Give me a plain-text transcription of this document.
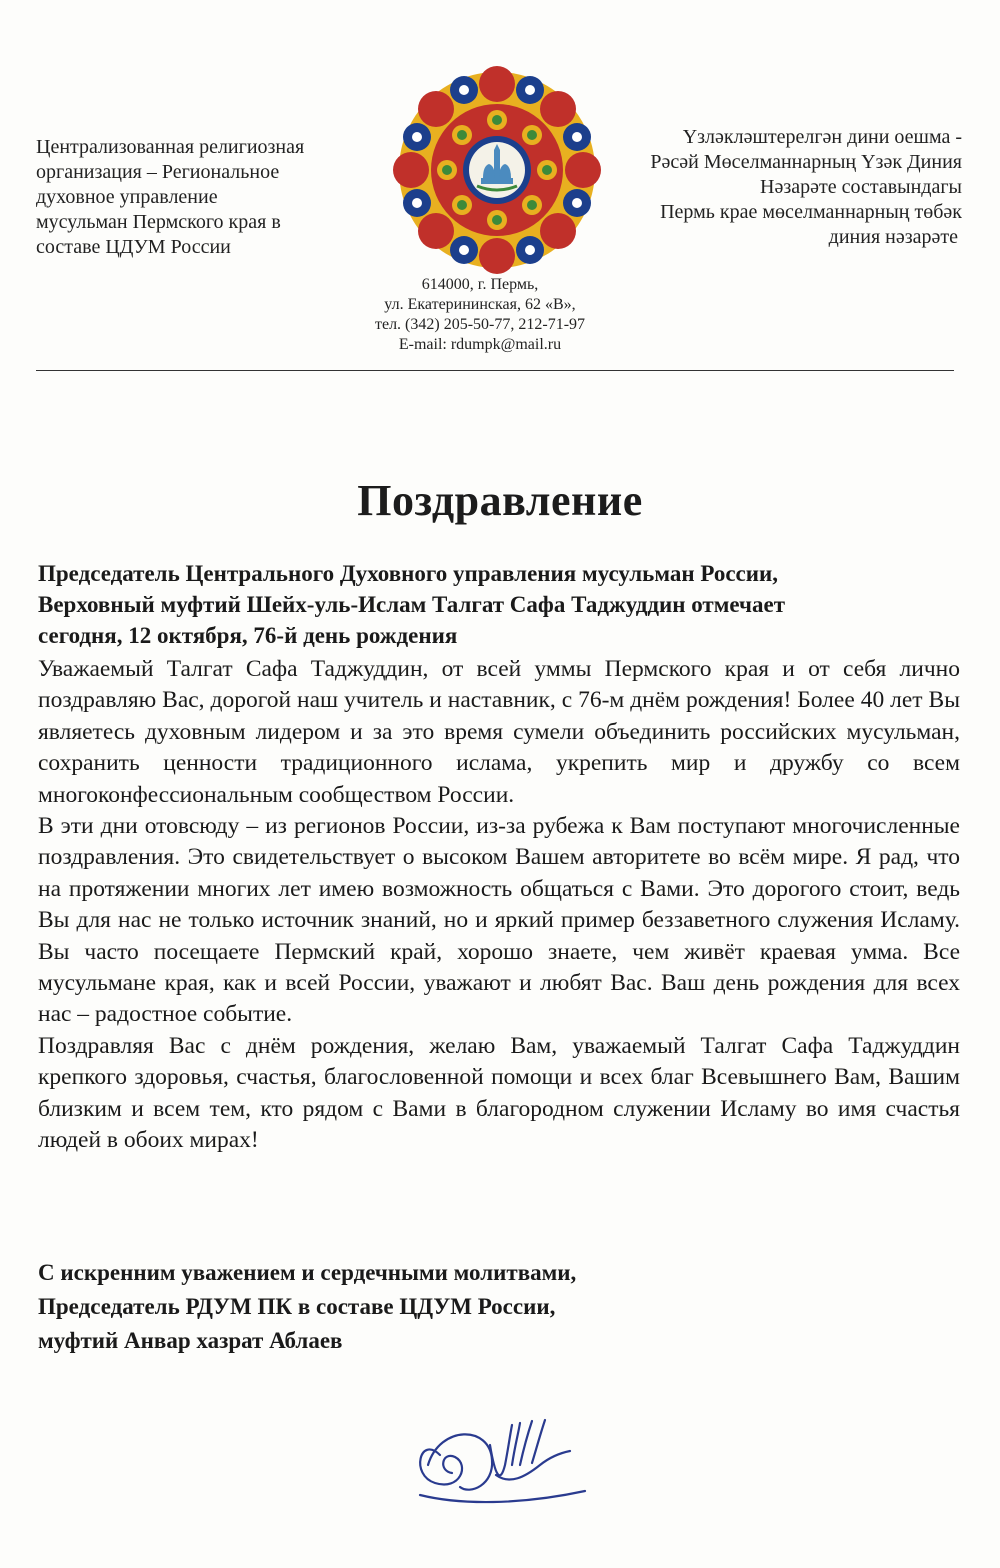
Централизованная религиозная
организация – Региональное
духовное управление
мусульман Пермского края в
составе ЦДУМ России
Үзләкләштерелгән дини оешма -
Рәсәй Мөселманнарның Үзәк Диния
Нәзарәте составындагы
Пермь крае мөселманнарның төбәк
диния нәзарәте
614000, г. Пермь,
ул. Екатерининская, 62 «В»,
тел. (342) 205-50-77, 212-71-97
E-mail: rdumpk@mail.ru
Поздравление
Председатель Центрального Духовного управления мусульман России,
Верховный муфтий Шейх-уль-Ислам Талгат Сафа Таджуддин отмечает
сегодня, 12 октября, 76-й день рождения

Уважаемый Талгат Сафа Таджуддин, от всей уммы Пермского края и от себя лично поздравляю Вас, дорогой наш учитель и наставник, с 76-м днём рождения! Более 40 лет Вы являетесь духовным лидером и за это время сумели объединить российских мусульман, сохранить ценности традиционного ислама, укрепить мир и дружбу со всем многоконфессиональным сообществом России.

В эти дни отовсюду – из регионов России, из-за рубежа к Вам поступают многочисленные поздравления. Это свидетельствует о высоком Вашем авторитете во всём мире. Я рад, что на протяжении многих лет имею возможность общаться с Вами. Это дорогого стоит, ведь Вы для нас не только источник знаний, но и яркий пример беззаветного служения Исламу. Вы часто посещаете Пермский край, хорошо знаете, чем живёт краевая умма. Все мусульмане края, как и всей России, уважают и любят Вас. Ваш день рождения для всех нас – радостное событие.

Поздравляя Вас с днём рождения, желаю Вам, уважаемый Талгат Сафа Таджуддин крепкого здоровья, счастья, благословенной помощи и всех благ Всевышнего Вам, Вашим близким и всем тем, кто рядом с Вами в благородном служении Исламу во имя счастья людей в обоих мирах!

С искренним уважением и сердечными молитвами,
Председатель РДУМ ПК в составе ЦДУМ России,
муфтий Анвар хазрат Аблаев
